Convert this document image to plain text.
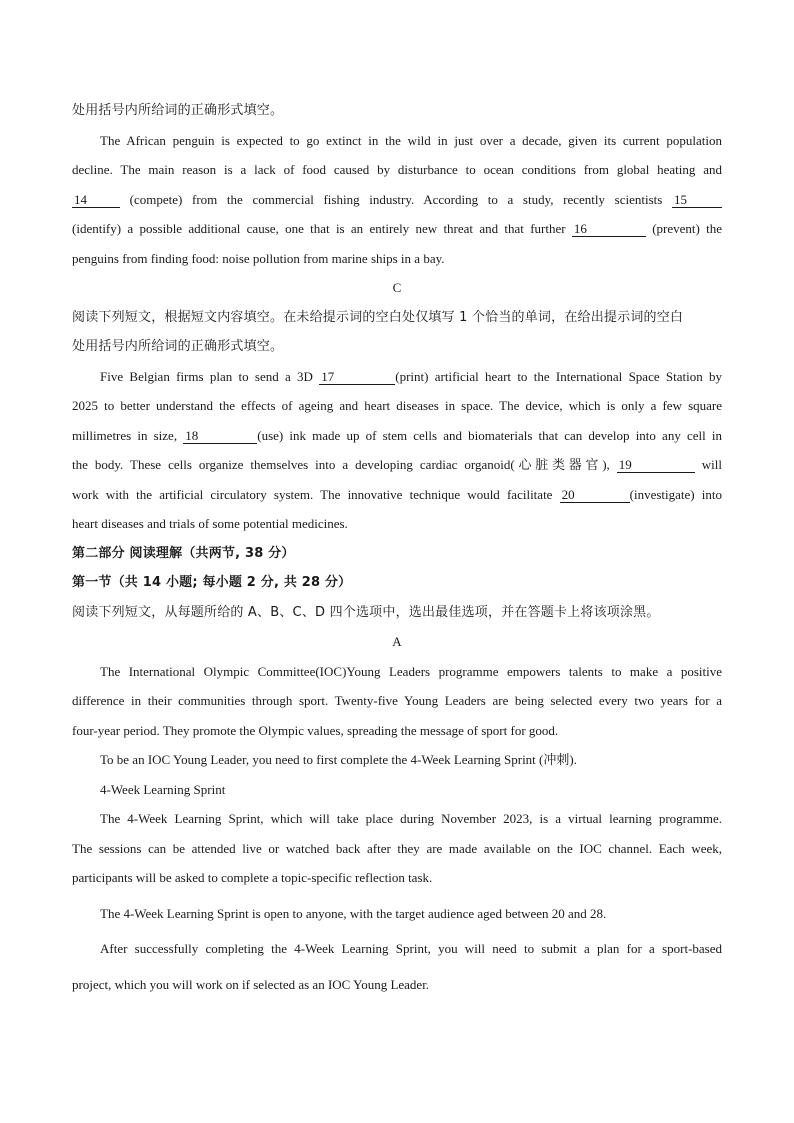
处用括号内所给词的正确形式填空。
The African penguin is expected to go extinct in the wild in just over a decade, given its current population
decline. The main reason is a lack of food caused by disturbance to ocean conditions from global heating and
14	(compete) from the commercial fishing industry. According to a study, recently scientists 15
(identify) a possible additional cause, one that is an entirely new threat and that further 16	(prevent) the
penguins from finding food: noise pollution from marine ships in a bay.
C
阅读下列短文，根据短文内容填空。在未给提示词的空白处仅填写 1 个恰当的单词，在给出提示词的空白
处用括号内所给词的正确形式填空。
Five Belgian firms plan to send a 3D 17	(print) artificial heart to the International Space Station by
2025 to better understand the effects of ageing and heart diseases in space. The device, which is only a few square
millimetres in size, 18	(use) ink made up of stem cells and biomaterials that can develop into any cell in
the body. These cells organize themselves into a developing cardiac organoid(心脏类器官), 19	will
work with the artificial circulatory system. The innovative technique would facilitate 20	(investigate) into
heart diseases and trials of some potential medicines.
第二部分 阅读理解（共两节, 38 分）
第一节（共 14 小题; 每小题 2 分, 共 28 分）
阅读下列短文，从每题所给的 A、B、C、D 四个选项中，选出最佳选项，并在答题卡上将该项涂黑。
A
The International Olympic Committee(IOC)Young Leaders programme empowers talents to make a positive
difference in their communities through sport. Twenty-five Young Leaders are being selected every two years for a
four-year period. They promote the Olympic values, spreading the message of sport for good.
To be an IOC Young Leader, you need to first complete the 4-Week Learning Sprint (冲刺).
4-Week Learning Sprint
The 4-Week Learning Sprint, which will take place during November 2023, is a virtual learning programme.
The sessions can be attended live or watched back after they are made available on the IOC channel. Each week,
participants will be asked to complete a topic-specific reflection task.
The 4-Week Learning Sprint is open to anyone, with the target audience aged between 20 and 28.
After successfully completing the 4-Week Learning Sprint, you will need to submit a plan for a sport-based
project, which you will work on if selected as an IOC Young Leader.
